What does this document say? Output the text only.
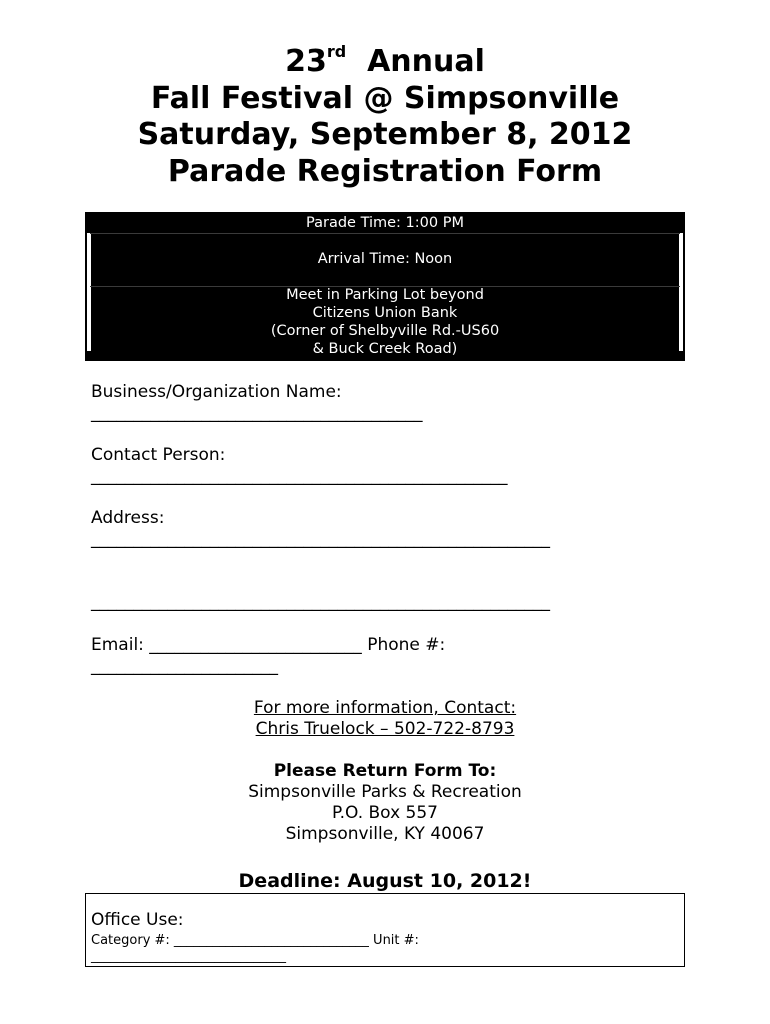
23rd Annual
Fall Festival @ Simpsonville
Saturday, September 8, 2012
Parade Registration Form
Parade Time: 1:00 PM
Arrival Time: Noon
Meet in Parking Lot beyond
Citizens Union Bank
(Corner of Shelbyville Rd.-US60
& Buck Creek Road)
Business/Organization Name:
_______________________________________
Contact Person:
_________________________________________________
Address:
______________________________________________________
______________________________________________________
Email: _________________________ Phone #:
______________________
For more information, Contact:
Chris Truelock – 502-722-8793
Please Return Form To:
Simpsonville Parks & Recreation
P.O. Box 557
Simpsonville, KY 40067
Deadline: August 10, 2012!
Office Use:
Category #: ______________________________ Unit #:
______________________________
